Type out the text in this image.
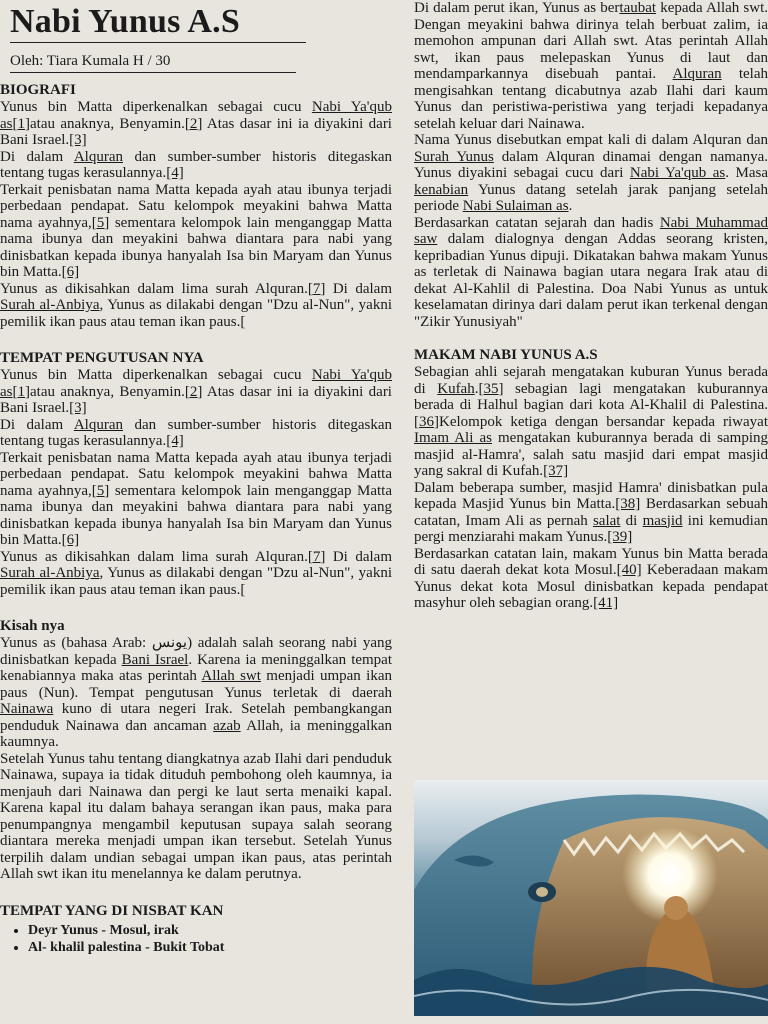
Nabi Yunus A.S
Oleh: Tiara Kumala H / 30
BIOGRAFI

Yunus bin Matta diperkenalkan sebagai cucu Nabi Ya'qub as[1]atau anaknya, Benyamin.[2] Atas dasar ini ia diyakini dari Bani Israel.[3]

Di dalam Alquran dan sumber-sumber historis ditegaskan tentang tugas kerasulannya.[4]

Terkait penisbatan nama Matta kepada ayah atau ibunya terjadi perbedaan pendapat. Satu kelompok meyakini bahwa Matta nama ayahnya,[5] sementara kelompok lain menganggap Matta nama ibunya dan meyakini bahwa diantara para nabi yang dinisbatkan kepada ibunya hanyalah Isa bin Maryam dan Yunus bin Matta.[6]

Yunus as dikisahkan dalam lima surah Alquran.[7] Di dalam Surah al-Anbiya, Yunus as dilakabi dengan "Dzu al-Nun", yakni pemilik ikan paus atau teman ikan paus.[

TEMPAT PENGUTUSAN NYA

Yunus bin Matta diperkenalkan sebagai cucu Nabi Ya'qub as[1]atau anaknya, Benyamin.[2] Atas dasar ini ia diyakini dari Bani Israel.[3]

Di dalam Alquran dan sumber-sumber historis ditegaskan tentang tugas kerasulannya.[4]

Terkait penisbatan nama Matta kepada ayah atau ibunya terjadi perbedaan pendapat. Satu kelompok meyakini bahwa Matta nama ayahnya,[5] sementara kelompok lain menganggap Matta nama ibunya dan meyakini bahwa diantara para nabi yang dinisbatkan kepada ibunya hanyalah Isa bin Maryam dan Yunus bin Matta.[6]

Yunus as dikisahkan dalam lima surah Alquran.[7] Di dalam Surah al-Anbiya, Yunus as dilakabi dengan "Dzu al-Nun", yakni pemilik ikan paus atau teman ikan paus.[

Kisah nya

Yunus as (bahasa Arab: يونس) adalah salah seorang nabi yang dinisbatkan kepada Bani Israel. Karena ia meninggalkan tempat kenabiannya maka atas perintah Allah swt menjadi umpan ikan paus (Nun). Tempat pengutusan Yunus terletak di daerah Nainawa kuno di utara negeri Irak. Setelah pembangkangan penduduk Nainawa dan ancaman azab Allah, ia meninggalkan kaumnya.

Setelah Yunus tahu tentang diangkatnya azab Ilahi dari penduduk Nainawa, supaya ia tidak dituduh pembohong oleh kaumnya, ia menjauh dari Nainawa dan pergi ke laut serta menaiki kapal. Karena kapal itu dalam bahaya serangan ikan paus, maka para penumpangnya mengambil keputusan supaya salah seorang diantara mereka menjadi umpan ikan tersebut. Setelah Yunus terpilih dalam undian sebagai umpan ikan paus, atas perintah Allah swt ikan itu menelannya ke dalam perutnya.

TEMPAT YANG DI NISBAT KAN
• Deyr Yunus - Mosul, irak
• Al- khalil palestina - Bukit Tobat

Di dalam perut ikan, Yunus as bertaubat kepada Allah swt. Dengan meyakini bahwa dirinya telah berbuat zalim, ia memohon ampunan dari Allah swt. Atas perintah Allah swt, ikan paus melepaskan Yunus di laut dan mendamparkannya disebuah pantai. Alquran telah mengisahkan tentang dicabutnya azab Ilahi dari kaum Yunus dan peristiwa-peristiwa yang terjadi kepadanya setelah keluar dari Nainawa.

Nama Yunus disebutkan empat kali di dalam Alquran dan Surah Yunus dalam Alquran dinamai dengan namanya. Yunus diyakini sebagai cucu dari Nabi Ya'qub as. Masa kenabian Yunus datang setelah jarak panjang setelah periode Nabi Sulaiman as.

Berdasarkan catatan sejarah dan hadis Nabi Muhammad saw dalam dialognya dengan Addas seorang kristen, kepribadian Yunus dipuji. Dikatakan bahwa makam Yunus as terletak di Nainawa bagian utara negara Irak atau di dekat Al-Kahlil di Palestina. Doa Nabi Yunus as untuk keselamatan dirinya dari dalam perut ikan terkenal dengan "Zikir Yunusiyah"

MAKAM NABI YUNUS A.S

Sebagian ahli sejarah mengatakan kuburan Yunus berada di Kufah.[35] sebagian lagi mengatakan kuburannya berada di Halhul bagian dari kota Al-Khalil di Palestina.[36]Kelompok ketiga dengan bersandar kepada riwayat Imam Ali as mengatakan kuburannya berada di samping masjid al-Hamra', salah satu masjid dari empat masjid yang sakral di Kufah.[37]

Dalam beberapa sumber, masjid Hamra' dinisbatkan pula kepada Masjid Yunus bin Matta.[38] Berdasarkan sebuah catatan, Imam Ali as pernah salat di masjid ini kemudian pergi menziarahi makam Yunus.[39]

Berdasarkan catatan lain, makam Yunus bin Matta berada di satu daerah dekat kota Mosul.[40] Keberadaan makam Yunus dekat kota Mosul dinisbatkan kepada pendapat masyhur oleh sebagian orang.[41]
